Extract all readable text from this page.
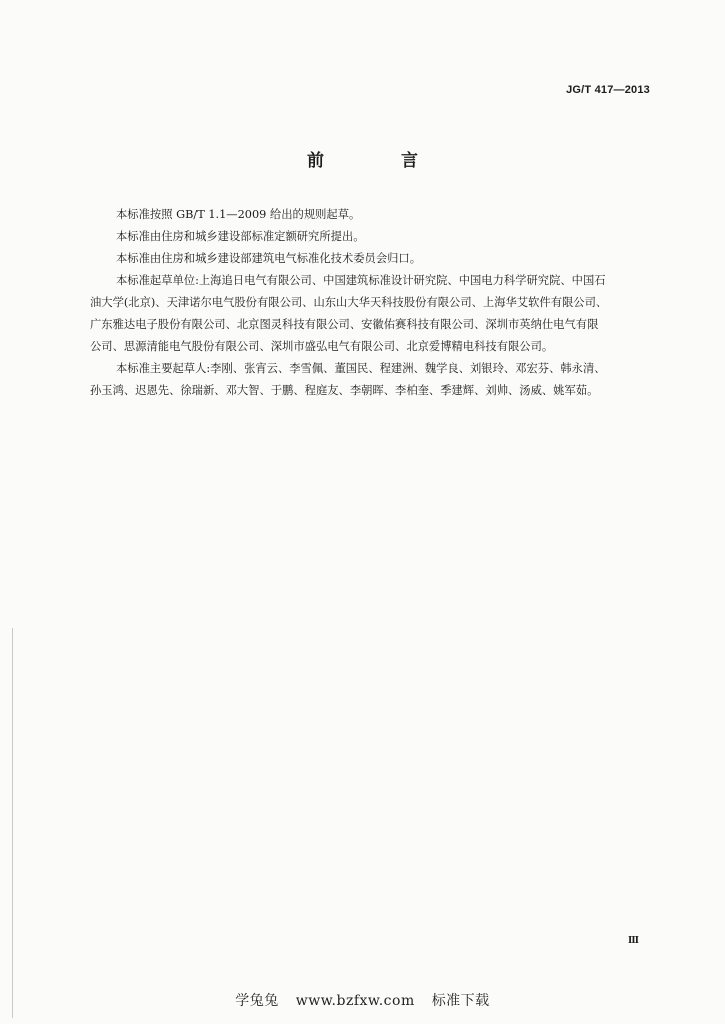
JG/T 417—2013
前　言

本标准按照 GB/T 1.1—2009 给出的规则起草。

本标准由住房和城乡建设部标准定额研究所提出。

本标准由住房和城乡建设部建筑电气标准化技术委员会归口。

本标准起草单位:上海追日电气有限公司、中国建筑标准设计研究院、中国电力科学研究院、中国石

油大学(北京)、天津诺尔电气股份有限公司、山东山大华天科技股份有限公司、上海华艾软件有限公司、

广东雅达电子股份有限公司、北京图灵科技有限公司、安徽佑赛科技有限公司、深圳市英纳仕电气有限

公司、思源清能电气股份有限公司、深圳市盛弘电气有限公司、北京爱博精电科技有限公司。

本标准主要起草人:李刚、张宵云、李雪佩、董国民、程建洲、魏学良、刘银玲、邓宏芬、韩永清、

孙玉鸿、迟恩先、徐瑞新、邓大智、于鹏、程庭友、李朝晖、李柏奎、季建辉、刘帅、汤威、姚军茹。

Ⅲ
学兔兔 www.bzfxw.com 标准下载
